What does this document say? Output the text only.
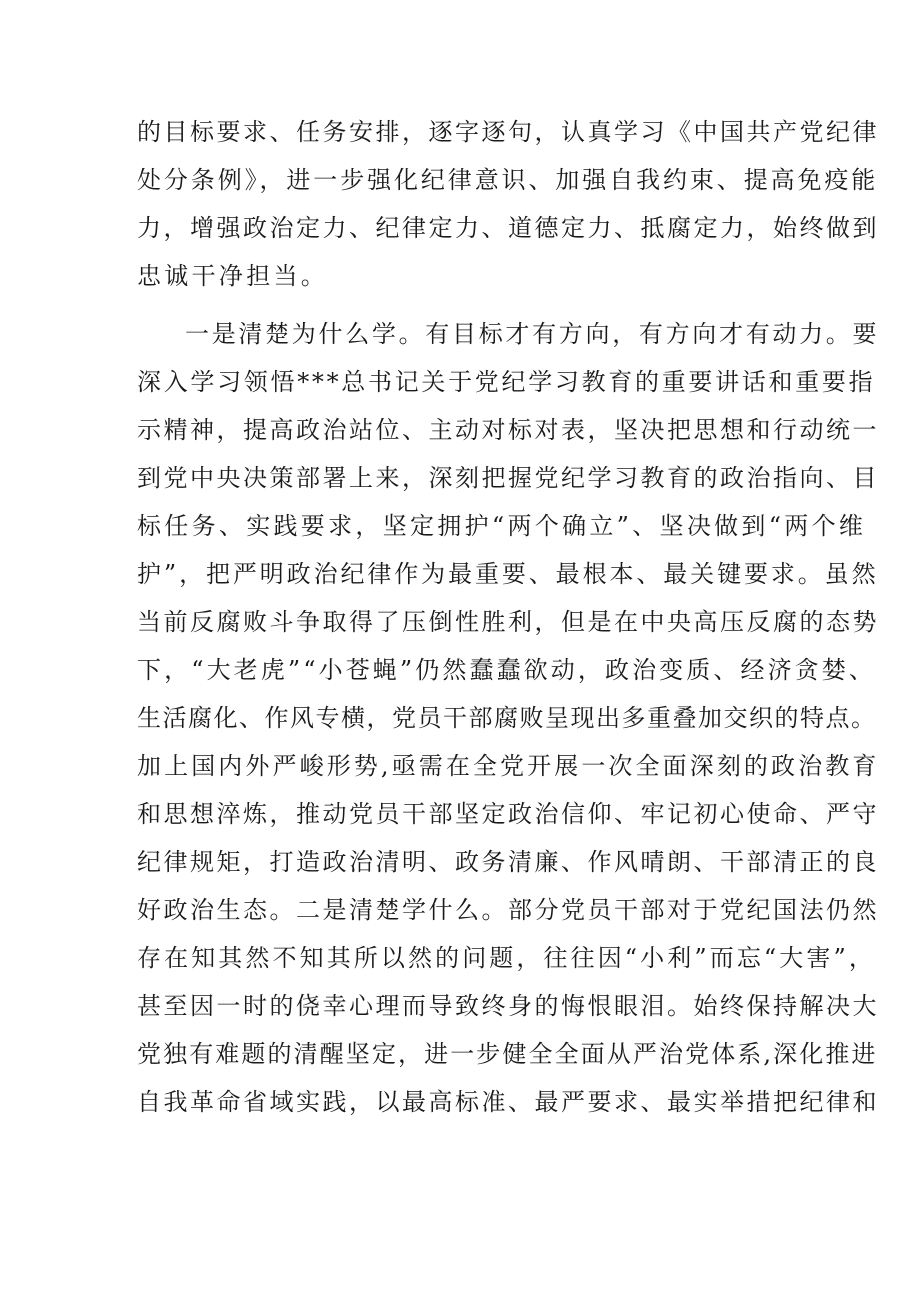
的目标要求、任务安排，逐字逐句，认真学习《中国共产党纪律
处分条例》，进一步强化纪律意识、加强自我约束、提高免疫能
力，增强政治定力、纪律定力、道德定力、抵腐定力，始终做到
忠诚干净担当。
一是清楚为什么学。有目标才有方向，有方向才有动力。要
深入学习领悟***总书记关于党纪学习教育的重要讲话和重要指
示精神，提高政治站位、主动对标对表，坚决把思想和行动统一
到党中央决策部署上来，深刻把握党纪学习教育的政治指向、目
标任务、实践要求，坚定拥护“两个确立”、坚决做到“两个维
护”，把严明政治纪律作为最重要、最根本、最关键要求。虽然
当前反腐败斗争取得了压倒性胜利，但是在中央高压反腐的态势
下，“大老虎”“小苍蝇”仍然蠢蠢欲动，政治变质、经济贪婪、
生活腐化、作风专横，党员干部腐败呈现出多重叠加交织的特点。
加上国内外严峻形势,亟需在全党开展一次全面深刻的政治教育
和思想淬炼，推动党员干部坚定政治信仰、牢记初心使命、严守
纪律规矩，打造政治清明、政务清廉、作风晴朗、干部清正的良
好政治生态。二是清楚学什么。部分党员干部对于党纪国法仍然
存在知其然不知其所以然的问题，往往因“小利”而忘“大害”，
甚至因一时的侥幸心理而导致终身的悔恨眼泪。始终保持解决大
党独有难题的清醒坚定，进一步健全全面从严治党体系,深化推进
自我革命省域实践，以最高标准、最严要求、最实举措把纪律和
